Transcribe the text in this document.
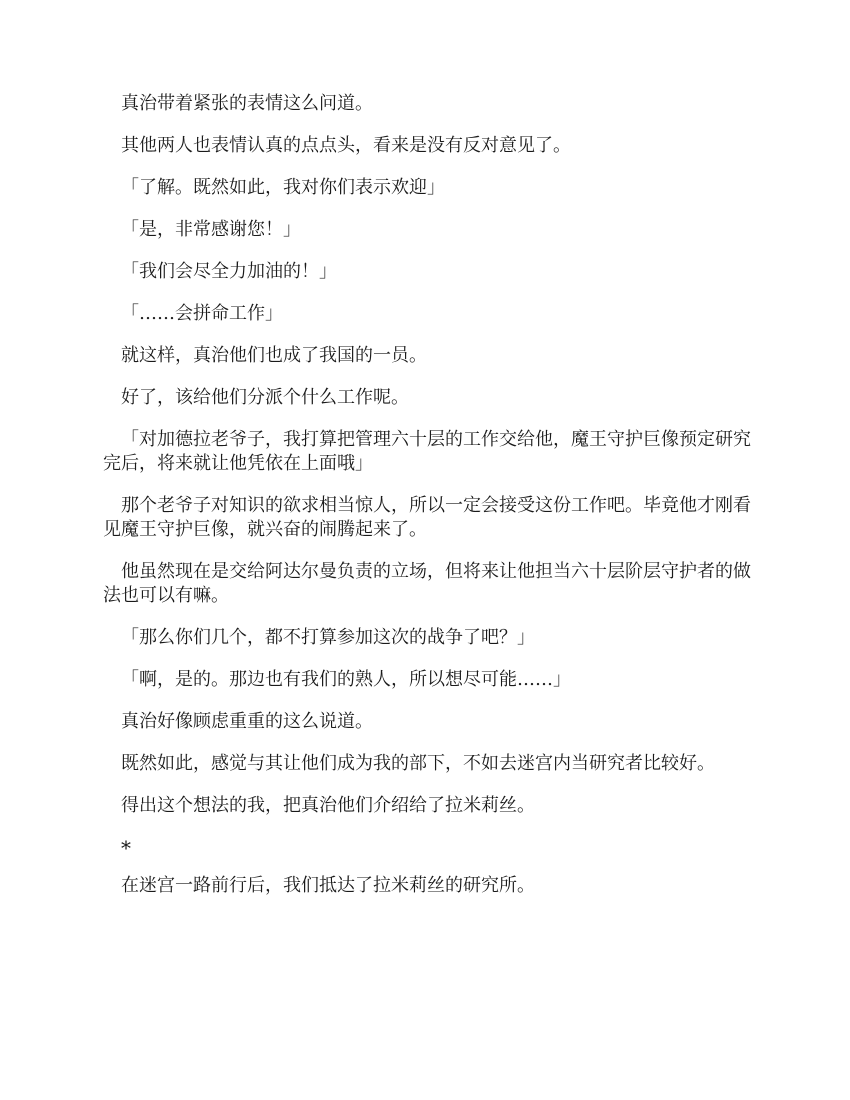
真治带着紧张的表情这么问道。

其他两人也表情认真的点点头，看来是没有反对意见了。

「了解。既然如此，我对你们表示欢迎」

「是，非常感谢您！」

「我们会尽全力加油的！」

「……会拼命工作」

就这样，真治他们也成了我国的一员。

好了，该给他们分派个什么工作呢。

「对加德拉老爷子，我打算把管理六十层的工作交给他，魔王守护巨像预定研究完后，将来就让他凭依在上面哦」

那个老爷子对知识的欲求相当惊人，所以一定会接受这份工作吧。毕竟他才刚看见魔王守护巨像，就兴奋的闹腾起来了。

他虽然现在是交给阿达尔曼负责的立场，但将来让他担当六十层阶层守护者的做法也可以有嘛。

「那么你们几个，都不打算参加这次的战争了吧？」

「啊，是的。那边也有我们的熟人，所以想尽可能……」

真治好像顾虑重重的这么说道。

既然如此，感觉与其让他们成为我的部下，不如去迷宫内当研究者比较好。

得出这个想法的我，把真治他们介绍给了拉米莉丝。

*

在迷宫一路前行后，我们抵达了拉米莉丝的研究所。
